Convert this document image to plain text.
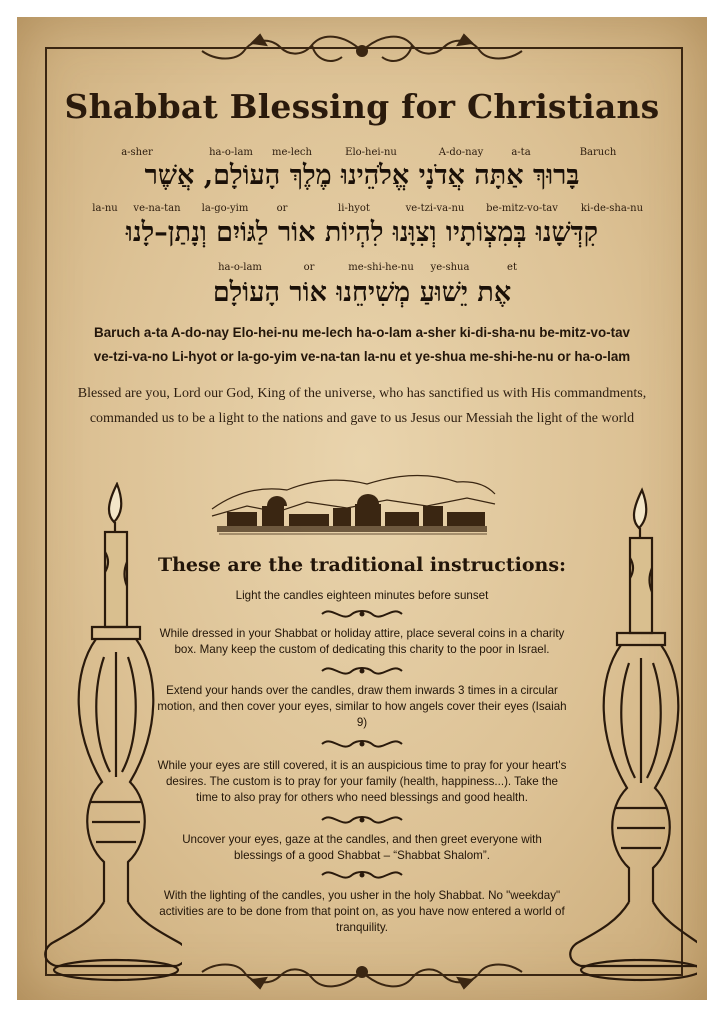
Shabbat Blessing for Christians
Baruch
a-ta
A-do-nay
Elo-hei-nu
me-lech
ha-o-lam
a-sher
בָּרוּךְ אַתָּה אֲדֹנָי אֱלֹהֵינוּ מֶלֶךְ הָעוֹלָם, אֲשֶׁר
ki-de-sha-nu
be-mitz-vo-tav
ve-tzi-va-nu
li-hyot
or
la-go-yim
ve-na-tan
la-nu
קִדְּשָׁנוּ בְּמִצְוֹתָיו וְצִוָּנוּ לִהְיוֹת אוֹר לַגּוֹיִם וְנָתַן–לָנוּ
et
ye-shua
me-shi-he-nu
or
ha-o-lam
אֶת יֵשׁוּעַ מְשִׁיחֵנוּ אוֹר הָעוֹלָם
Baruch a-ta A-do-nay Elo-hei-nu me-lech ha-o-lam a-sher ki-di-sha-nu be-mitz-vo-tav
ve-tzi-va-no Li-hyot or la-go-yim ve-na-tan la-nu et ye-shua me-shi-he-nu or ha-o-lam
Blessed are you, Lord our God, King of the universe, who has sanctified us with His commandments, commanded us to be a light to the nations and gave to us Jesus our Messiah the light of the world
These are the traditional instructions:
Light the candles eighteen minutes before sunset
While dressed in your Shabbat or holiday attire, place several coins in a charity box. Many keep the custom of dedicating this charity to the poor in Israel.
Extend your hands over the candles, draw them inwards 3 times in a circular motion, and then cover your eyes, similar to how angels cover their eyes (Isaiah 9)
While your eyes are still covered, it is an auspicious time to pray for your heart's desires. The custom is to pray for your family (health, happiness...). Take the time to also pray for others who need blessings and good health.
Uncover your eyes, gaze at the candles, and then greet everyone with blessings of a good Shabbat – “Shabbat Shalom”.
With the lighting of the candles, you usher in the holy Shabbat. No "weekday" activities are to be done from that point on, as you have now entered a world of tranquility.
